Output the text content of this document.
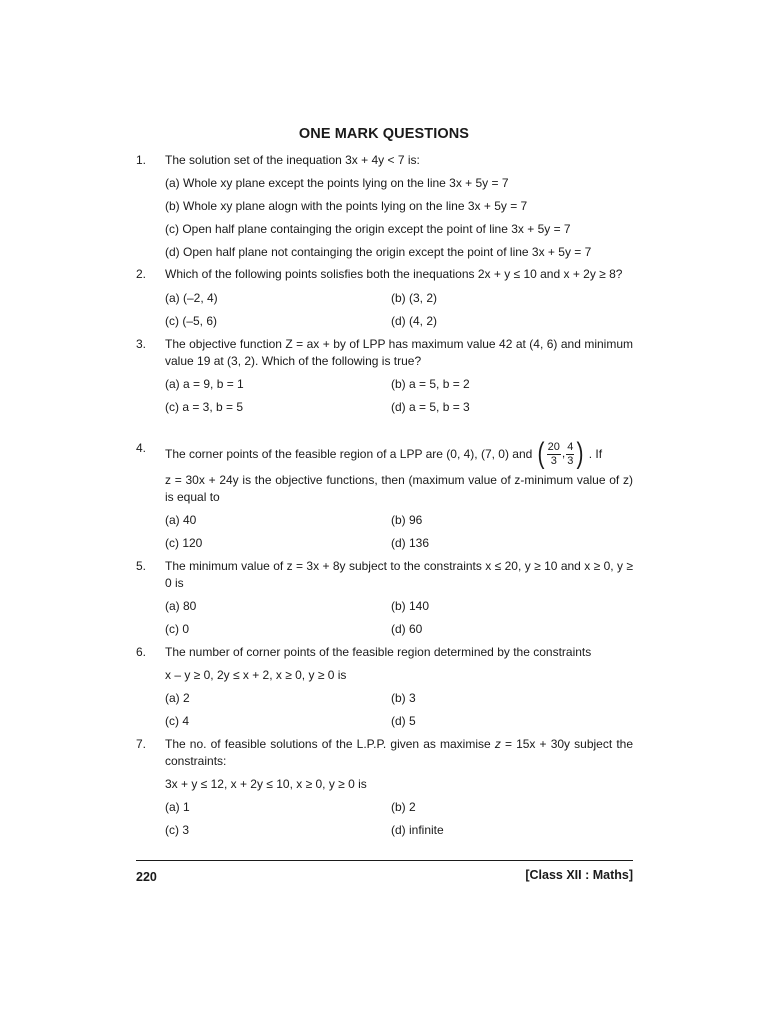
ONE MARK QUESTIONS
1. The solution set of the inequation 3x + 4y < 7 is:
(a) Whole xy plane except the points lying on the line 3x + 5y = 7
(b) Whole xy plane alogn with the points lying on the line 3x + 5y = 7
(c) Open half plane containging the origin except the point of line 3x + 5y = 7
(d) Open half plane not containging the origin except the point of line 3x + 5y = 7
2. Which of the following points solisfies both the inequations 2x + y ≤ 10 and x + 2y ≥ 8?
(a) (–2, 4)	(b) (3, 2)
(c) (–5, 6)	(d) (4, 2)
3. The objective function Z = ax + by of LPP has maximum value 42 at (4, 6) and minimum value 19 at (3, 2). Which of the following is true?
(a) a = 9, b = 1	(b) a = 5, b = 2
(c) a = 3, b = 5	(d) a = 5, b = 3
4. The corner points of the feasible region of a LPP are (0, 4), (7, 0) and ( $\frac{20}{3}$ , $\frac{4}{3}$ ) . If
z = 30x + 24y is the objective functions, then (maximum value of z-minimum value of z) is equal to
(a) 40	(b) 96
(c) 120	(d) 136
5. The minimum value of z = 3x + 8y subject to the constraints x ≤ 20, y ≥ 10 and x ≥ 0, y ≥ 0 is
(a) 80	(b) 140
(c) 0	(d) 60
6. The number of corner points of the feasible region determined by the constraints
x – y ≥ 0, 2y ≤ x + 2, x ≥ 0, y ≥ 0 is
(a) 2	(b) 3
(c) 4	(d) 5
7. The no. of feasible solutions of the L.P.P. given as maximise z = 15x + 30y subject the constraints:
3x + y ≤ 12, x + 2y ≤ 10, x ≥ 0, y ≥ 0 is
(a) 1	(b) 2
(c) 3	(d) infinite
220	[Class XII : Maths]
